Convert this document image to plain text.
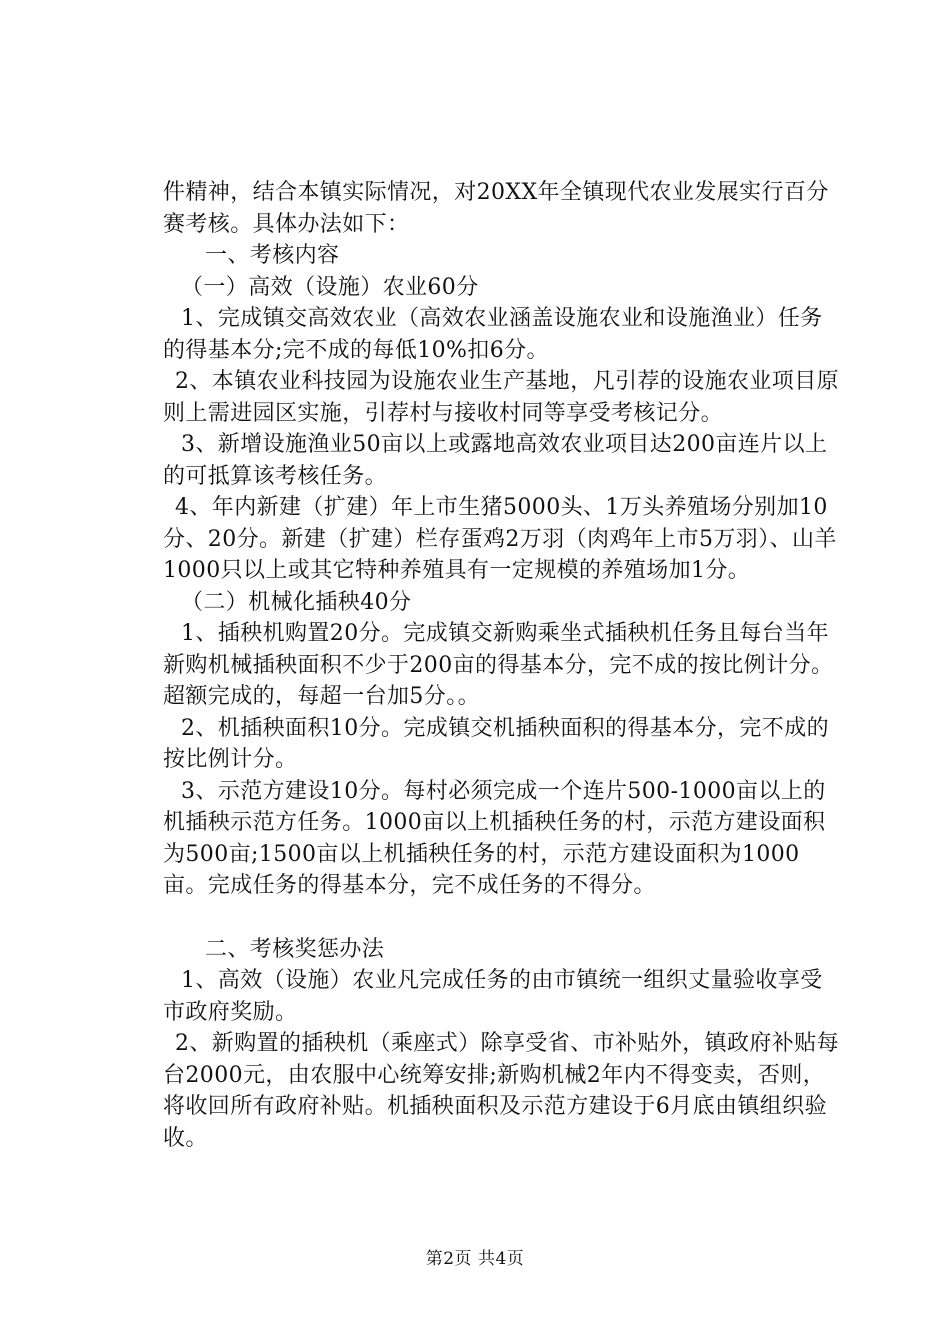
件精神，结合本镇实际情况，对20XX年全镇现代农业发展实行百分赛考核。具体办法如下：

一、考核内容

（一）高效（设施）农业60分

1、完成镇交高效农业（高效农业涵盖设施农业和设施渔业）任务的得基本分;完不成的每低10%扣6分。

2、本镇农业科技园为设施农业生产基地，凡引荐的设施农业项目原则上需进园区实施，引荐村与接收村同等享受考核记分。

3、新增设施渔业50亩以上或露地高效农业项目达200亩连片以上的可抵算该考核任务。

4、年内新建（扩建）年上市生猪5000头、1万头养殖场分别加10分、20分。新建（扩建）栏存蛋鸡2万羽（肉鸡年上市5万羽）、山羊1000只以上或其它特种养殖具有一定规模的养殖场加1分。

（二）机械化插秧40分

1、插秧机购置20分。完成镇交新购乘坐式插秧机任务且每台当年新购机械插秧面积不少于200亩的得基本分，完不成的按比例计分。超额完成的，每超一台加5分。。

2、机插秧面积10分。完成镇交机插秧面积的得基本分，完不成的按比例计分。

3、示范方建设10分。每村必须完成一个连片500-1000亩以上的机插秧示范方任务。1000亩以上机插秧任务的村，示范方建设面积为500亩;1500亩以上机插秧任务的村，示范方建设面积为1000亩。完成任务的得基本分，完不成任务的不得分。

二、考核奖惩办法

1、高效（设施）农业凡完成任务的由市镇统一组织丈量验收享受市政府奖励。

2、新购置的插秧机（乘座式）除享受省、市补贴外，镇政府补贴每台2000元，由农服中心统筹安排;新购机械2年内不得变卖，否则，将收回所有政府补贴。机插秧面积及示范方建设于6月底由镇组织验收。

第2页 共4页
